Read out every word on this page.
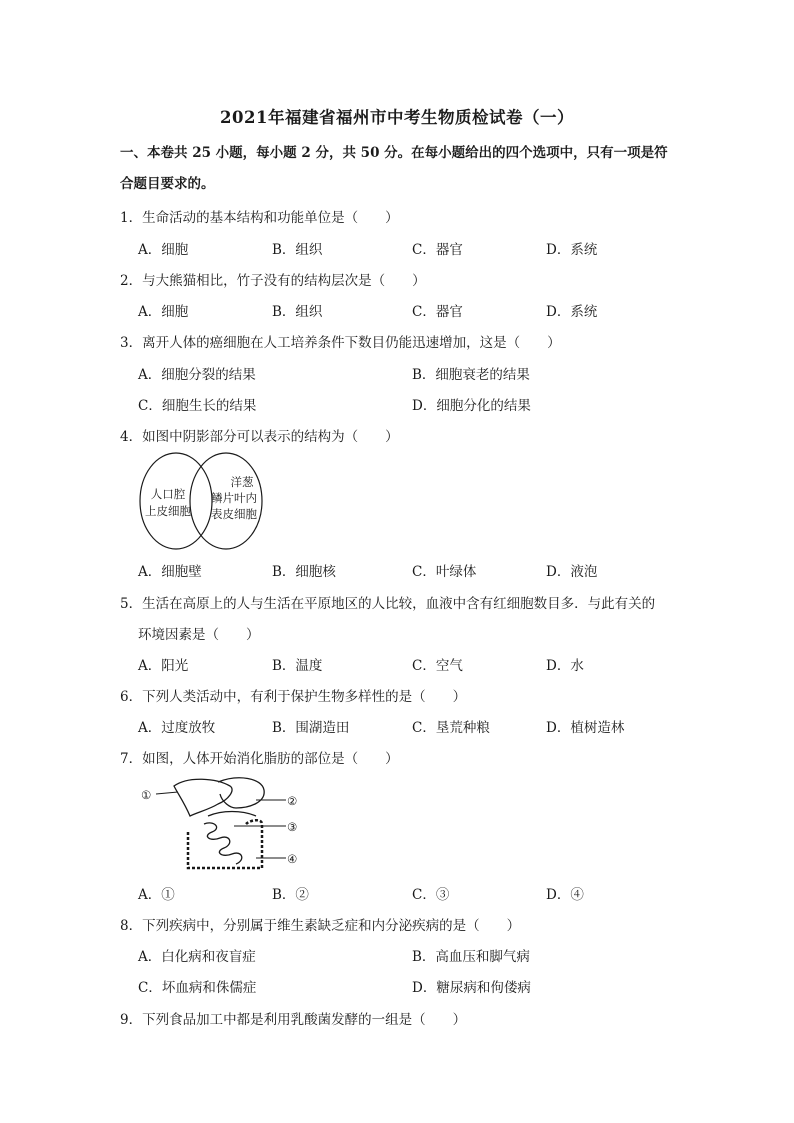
2021年福建省福州市中考生物质检试卷（一）
一、本卷共 25 小题，每小题 2 分，共 50 分。在每小题给出的四个选项中，只有一项是符
合题目要求的。
1．生命活动的基本结构和功能单位是（　　）
A．细胞	B．组织	C．器官	D．系统
2．与大熊猫相比，竹子没有的结构层次是（　　）
A．细胞	B．组织	C．器官	D．系统
3．离开人体的癌细胞在人工培养条件下数目仍能迅速增加，这是（　　）
A．细胞分裂的结果	B．细胞衰老的结果
C．细胞生长的结果	D．细胞分化的结果
4．如图中阴影部分可以表示的结构为（　　）
人口腔
上皮细胞
洋葱
鳞片叶内
表皮细胞
A．细胞壁	B．细胞核	C．叶绿体	D．液泡
5．生活在高原上的人与生活在平原地区的人比较，血液中含有红细胞数目多．与此有关的
环境因素是（　　）
A．阳光	B．温度	C．空气	D．水
6．下列人类活动中，有利于保护生物多样性的是（　　）
A．过度放牧	B．围湖造田	C．垦荒种粮	D．植树造林
7．如图，人体开始消化脂肪的部位是（　　）
①	②
③
④
A．①	B．②	C．③	D．④
8．下列疾病中，分别属于维生素缺乏症和内分泌疾病的是（　　）
A．白化病和夜盲症	B．高血压和脚气病
C．坏血病和侏儒症	D．糖尿病和佝偻病
9．下列食品加工中都是利用乳酸菌发酵的一组是（　　）
